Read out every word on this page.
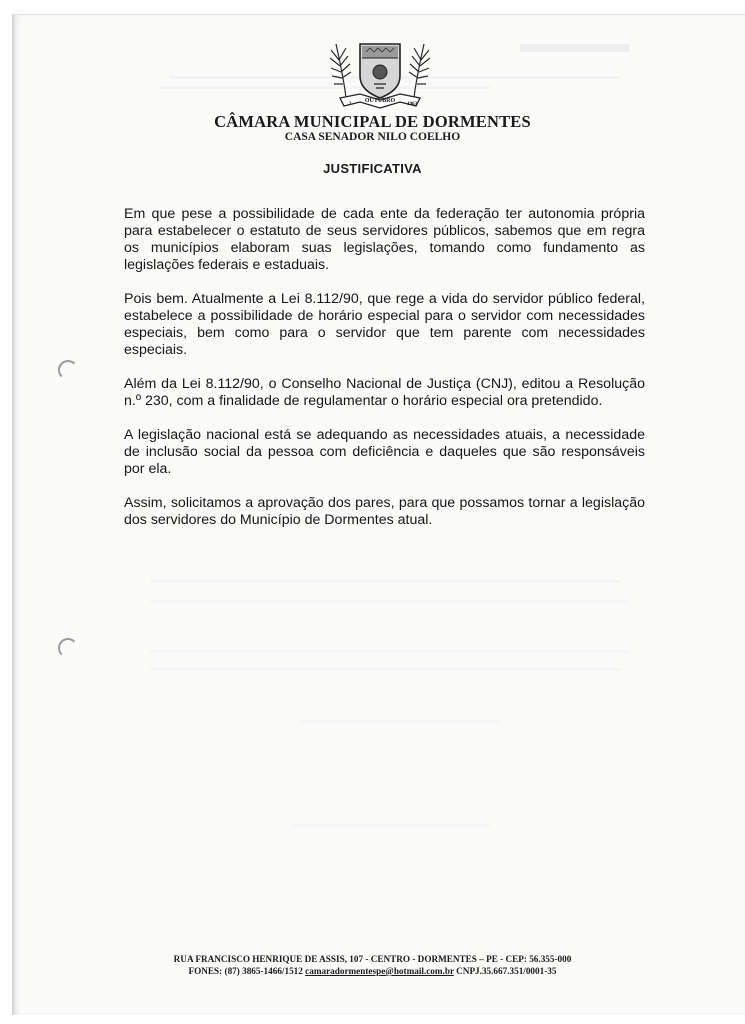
OUTUBRO
3	1963
CÂMARA MUNICIPAL DE DORMENTES
CASA SENADOR NILO COELHO
JUSTIFICATIVA

Em que pese a possibilidade de cada ente da federação ter autonomia própria para estabelecer o estatuto de seus servidores públicos, sabemos que em regra os municípios elaboram suas legislações, tomando como fundamento as legislações federais e estaduais.

Pois bem. Atualmente a Lei 8.112/90, que rege a vida do servidor público federal, estabelece a possibilidade de horário especial para o servidor com necessidades especiais, bem como para o servidor que tem parente com necessidades especiais.

Além da Lei 8.112/90, o Conselho Nacional de Justiça (CNJ), editou a Resolução n.º 230, com a finalidade de regulamentar o horário especial ora pretendido.

A legislação nacional está se adequando as necessidades atuais, a necessidade de inclusão social da pessoa com deficiência e daqueles que são responsáveis por ela.

Assim, solicitamos a aprovação dos pares, para que possamos tornar a legislação dos servidores do Município de Dormentes atual.

RUA FRANCISCO HENRIQUE DE ASSIS, 107 - CENTRO - DORMENTES – PE - CEP: 56.355-000
FONES: (87) 3865-1466/1512 camaradormentespe@hotmail.com.br CNPJ.35.667.351/0001-35
